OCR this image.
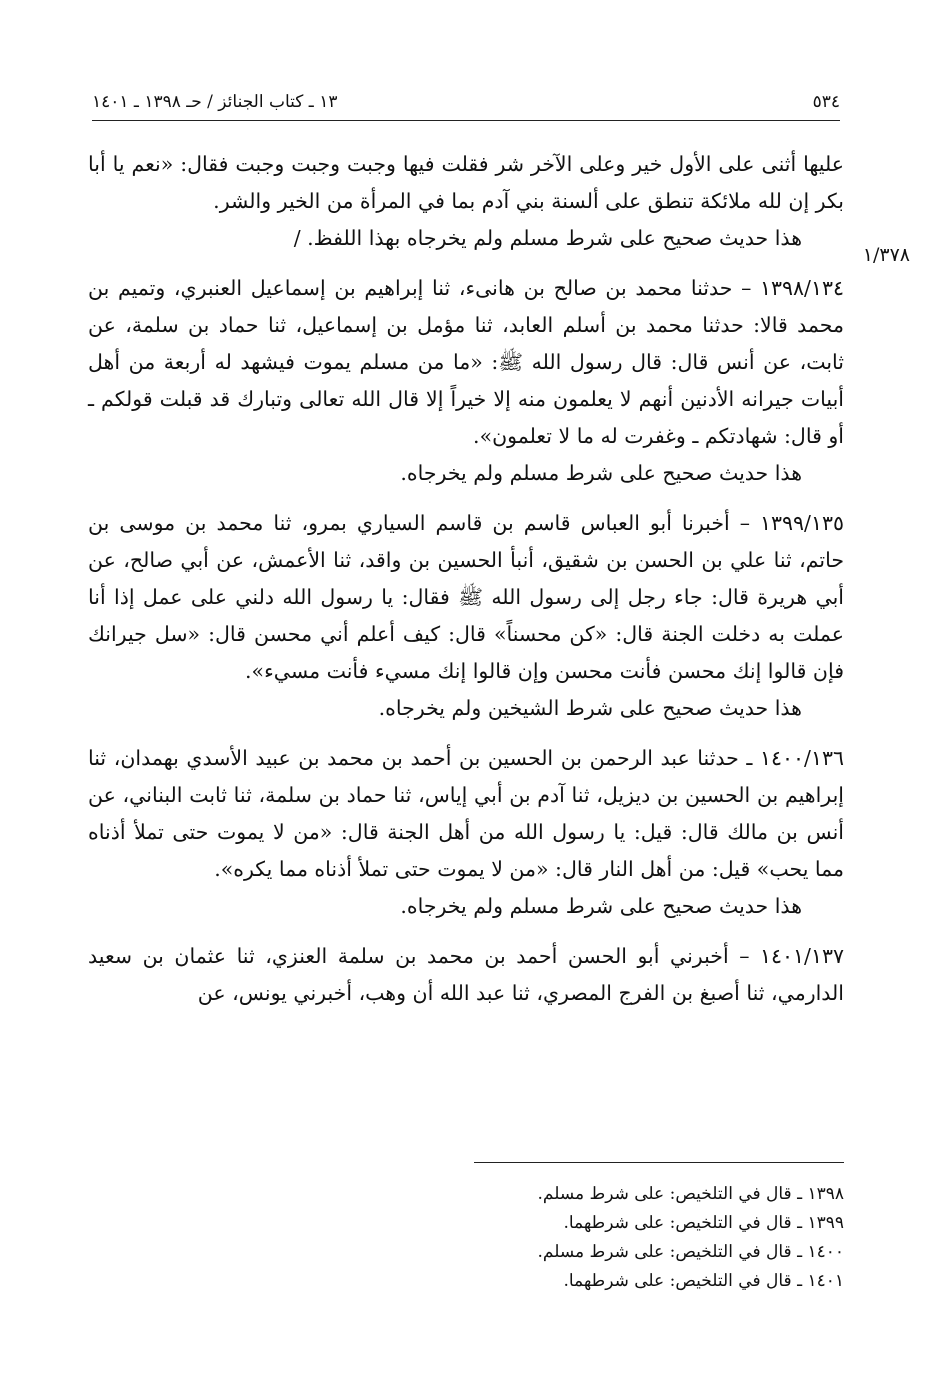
٥٣٤
١٣ ـ كتاب الجنائز / حـ ١٣٩٨ ـ ١٤٠١
١/٣٧٨

عليها أثنى على الأول خير وعلى الآخر شر فقلت فيها وجبت وجبت وجبت فقال: «نعم يا أبا بكر إن لله ملائكة تنطق على ألسنة بني آدم بما في المرأة من الخير والشر.

هذا حديث صحيح على شرط مسلم ولم يخرجاه بهذا اللفظ. /

١٣٩٨/١٣٤ – حدثنا محمد بن صالح بن هانىء، ثنا إبراهيم بن إسماعيل العنبري، وتميم بن محمد قالا: حدثنا محمد بن أسلم العابد، ثنا مؤمل بن إسماعيل، ثنا حماد بن سلمة، عن ثابت، عن أنس قال: قال رسول الله ﷺ: «ما من مسلم يموت فيشهد له أربعة من أهل أبيات جيرانه الأدنين أنهم لا يعلمون منه إلا خيراً إلا قال الله تعالى وتبارك قد قبلت قولكم ـ أو قال: شهادتكم ـ وغفرت له ما لا تعلمون».

هذا حديث صحيح على شرط مسلم ولم يخرجاه.

١٣٩٩/١٣٥ – أخبرنا أبو العباس قاسم بن قاسم السياري بمرو، ثنا محمد بن موسى بن حاتم، ثنا علي بن الحسن بن شقيق، أنبأ الحسين بن واقد، ثنا الأعمش، عن أبي صالح، عن أبي هريرة قال: جاء رجل إلى رسول الله ﷺ فقال: يا رسول الله دلني على عمل إذا أنا عملت به دخلت الجنة قال: «كن محسناً» قال: كيف أعلم أني محسن قال: «سل جيرانك فإن قالوا إنك محسن فأنت محسن وإن قالوا إنك مسيء فأنت مسيء».

هذا حديث صحيح على شرط الشيخين ولم يخرجاه.

١٤٠٠/١٣٦ ـ حدثنا عبد الرحمن بن الحسين بن أحمد بن محمد بن عبيد الأسدي بهمدان، ثنا إبراهيم بن الحسين بن ديزيل، ثنا آدم بن أبي إياس، ثنا حماد بن سلمة، ثنا ثابت البناني، عن أنس بن مالك قال: قيل: يا رسول الله من أهل الجنة قال: «من لا يموت حتى تملأ أذناه مما يحب» قيل: من أهل النار قال: «من لا يموت حتى تملأ أذناه مما يكره».

هذا حديث صحيح على شرط مسلم ولم يخرجاه.

١٤٠١/١٣٧ – أخبرني أبو الحسن أحمد بن محمد بن سلمة العنزي، ثنا عثمان بن سعيد الدارمي، ثنا أصبغ بن الفرج المصري، ثنا عبد الله أن وهب، أخبرني يونس، عن

١٣٩٨ ـ قال في التلخيص: على شرط مسلم.
١٣٩٩ ـ قال في التلخيص: على شرطهما.
١٤٠٠ ـ قال في التلخيص: على شرط مسلم.
١٤٠١ ـ قال في التلخيص: على شرطهما.
